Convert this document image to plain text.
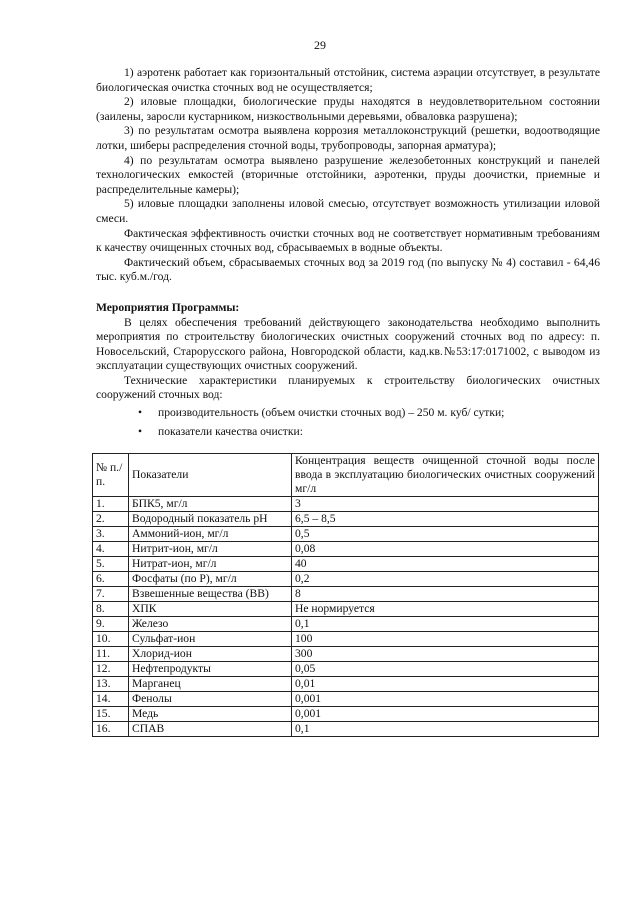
29

1) аэротенк работает как горизонтальный отстойник, система аэрации отсутствует, в результате биологическая очистка сточных вод не осуществляется;

2) иловые площадки, биологические пруды находятся в неудовлетворительном состоянии (заилены, заросли кустарником, низкоствольными деревьями, обваловка разрушена);

3) по результатам осмотра выявлена коррозия металлоконструкций (решетки, водоотводящие лотки, шиберы распределения сточной воды, трубопроводы, запорная арматура);

4) по результатам осмотра выявлено разрушение железобетонных конструкций и панелей технологических емкостей (вторичные отстойники, аэротенки, пруды доочистки, приемные и распределительные камеры);

5) иловые площадки заполнены иловой смесью, отсутствует возможность утилизации иловой смеси.

Фактическая эффективность очистки сточных вод не соответствует нормативным требованиям к качеству очищенных сточных вод, сбрасываемых в водные объекты.

Фактический объем, сбрасываемых сточных вод за 2019 год (по выпуску № 4) составил - 64,46 тыс. куб.м./год.

Мероприятия Программы:

В целях обеспечения требований действующего законодательства необходимо выполнить мероприятия по строительству биологических очистных сооружений сточных вод по адресу: п. Новосельский, Старорусского района, Новгородской области, кад.кв.№53:17:0171002, с выводом из эксплуатации существующих очистных сооружений.

Технические характеристики планируемых к строительству биологических очистных сооружений сточных вод:

• производительность (объем очистки сточных вод) – 250 м. куб/ сутки;
• показатели качества очистки:
№ п./п.	Показатели	Концентрация веществ очищенной сточной воды после ввода в эксплуатацию биологических очистных сооружений мг/л
1.	БПК5, мг/л	3
2.	Водородный показатель рН	6,5 – 8,5
3.	Аммоний-ион, мг/л	0,5
4.	Нитрит-ион, мг/л	0,08
5.	Нитрат-ион, мг/л	40
6.	Фосфаты (по Р), мг/л	0,2
7.	Взвешенные вещества (ВВ)	8
8.	ХПК	Не нормируется
9.	Железо	0,1
10.	Сульфат-ион	100
11.	Хлорид-ион	300
12.	Нефтепродукты	0,05
13.	Марганец	0,01
14.	Фенолы	0,001
15.	Медь	0,001
16.	СПАВ	0,1
